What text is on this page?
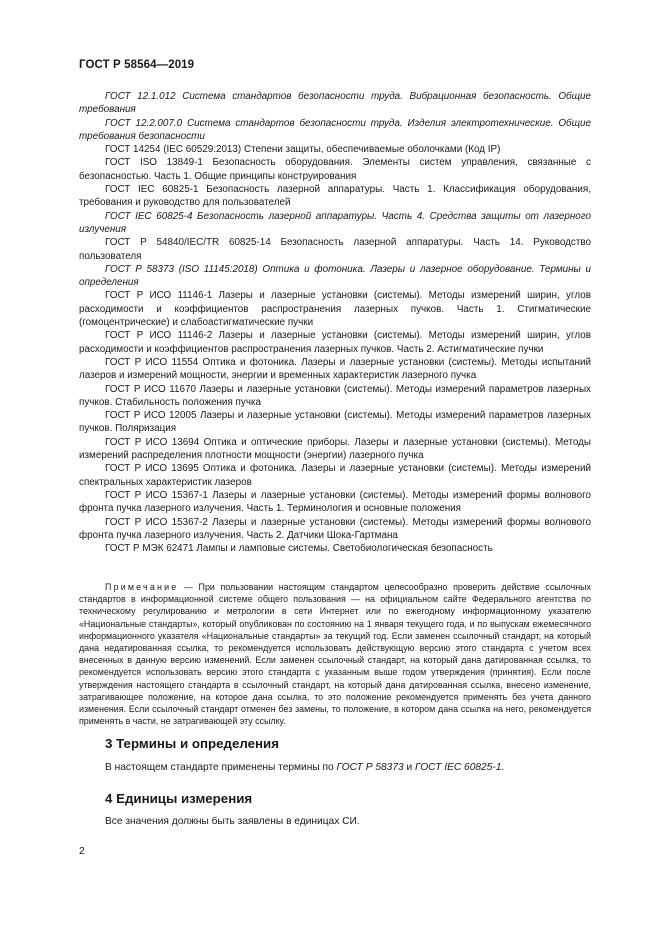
ГОСТ Р 58564—2019

ГОСТ 12.1.012 Система стандартов безопасности труда. Вибрационная безопасность. Общие требования

ГОСТ 12.2.007.0 Система стандартов безопасности труда. Изделия электротехнические. Общие требования безопасности

ГОСТ 14254 (IEC 60529:2013) Степени защиты, обеспечиваемые оболочками (Код IP)

ГОСТ ISO 13849-1 Безопасность оборудования. Элементы систем управления, связанные с безопасностью. Часть 1. Общие принципы конструирования

ГОСТ IEC 60825-1 Безопасность лазерной аппаратуры. Часть 1. Классификация оборудования, требования и руководство для пользователей

ГОСТ IEC 60825-4 Безопасность лазерной аппаратуры. Часть 4. Средства защиты от лазерного излучения

ГОСТ Р 54840/IEC/TR 60825-14 Безопасность лазерной аппаратуры. Часть 14. Руководство пользователя

ГОСТ Р 58373 (ISO 11145:2018) Оптика и фотоника. Лазеры и лазерное оборудование. Термины и определения

ГОСТ Р ИСО 11146-1 Лазеры и лазерные установки (системы). Методы измерений ширин, углов расходимости и коэффициентов распространения лазерных пучков. Часть 1. Стигматические (гомоцентрические) и слабоастигматические пучки

ГОСТ Р ИСО 11146-2 Лазеры и лазерные установки (системы). Методы измерений ширин, углов расходимости и коэффициентов распространения лазерных пучков. Часть 2. Астигматические пучки

ГОСТ Р ИСО 11554 Оптика и фотоника. Лазеры и лазерные установки (системы). Методы испытаний лазеров и измерений мощности, энергии и временных характеристик лазерного пучка

ГОСТ Р ИСО 11670 Лазеры и лазерные установки (системы). Методы измерений параметров лазерных пучков. Стабильность положения пучка

ГОСТ Р ИСО 12005 Лазеры и лазерные установки (системы). Методы измерений параметров лазерных пучков. Поляризация

ГОСТ Р ИСО 13694 Оптика и оптические приборы. Лазеры и лазерные установки (системы). Методы измерений распределения плотности мощности (энергии) лазерного пучка

ГОСТ Р ИСО 13695 Оптика и фотоника. Лазеры и лазерные установки (системы). Методы измерений спектральных характеристик лазеров

ГОСТ Р ИСО 15367-1 Лазеры и лазерные установки (системы). Методы измерений формы волнового фронта пучка лазерного излучения. Часть 1. Терминология и основные положения

ГОСТ Р ИСО 15367-2 Лазеры и лазерные установки (системы). Методы измерений формы волнового фронта пучка лазерного излучения. Часть 2. Датчики Шока-Гартмана

ГОСТ Р МЭК 62471 Лампы и ламповые системы. Светобиологическая безопасность

Примечание — При пользовании настоящим стандартом целесообразно проверить действие ссылочных стандартов в информационной системе общего пользования — на официальном сайте Федерального агентства по техническому регулированию и метрологии в сети Интернет или по ежегодному информационному указателю «Национальные стандарты», который опубликован по состоянию на 1 января текущего года, и по выпускам ежемесячного информационного указателя «Национальные стандарты» за текущий год. Если заменен ссылочный стандарт, на который дана недатированная ссылка, то рекомендуется использовать действующую версию этого стандарта с учетом всех внесенных в данную версию изменений. Если заменен ссылочный стандарт, на который дана датированная ссылка, то рекомендуется использовать версию этого стандарта с указанным выше годом утверждения (принятия). Если после утверждения настоящего стандарта в ссылочный стандарт, на который дана датированная ссылка, внесено изменение, затрагивающее положение, на которое дана ссылка, то это положение рекомендуется применять без учета данного изменения. Если ссылочный стандарт отменен без замены, то положение, в котором дана ссылка на него, рекомендуется применять в части, не затрагивающей эту ссылку.

3 Термины и определения

В настоящем стандарте применены термины по ГОСТ Р 58373 и ГОСТ IEC 60825-1.

4 Единицы измерения

Все значения должны быть заявлены в единицах СИ.

2
